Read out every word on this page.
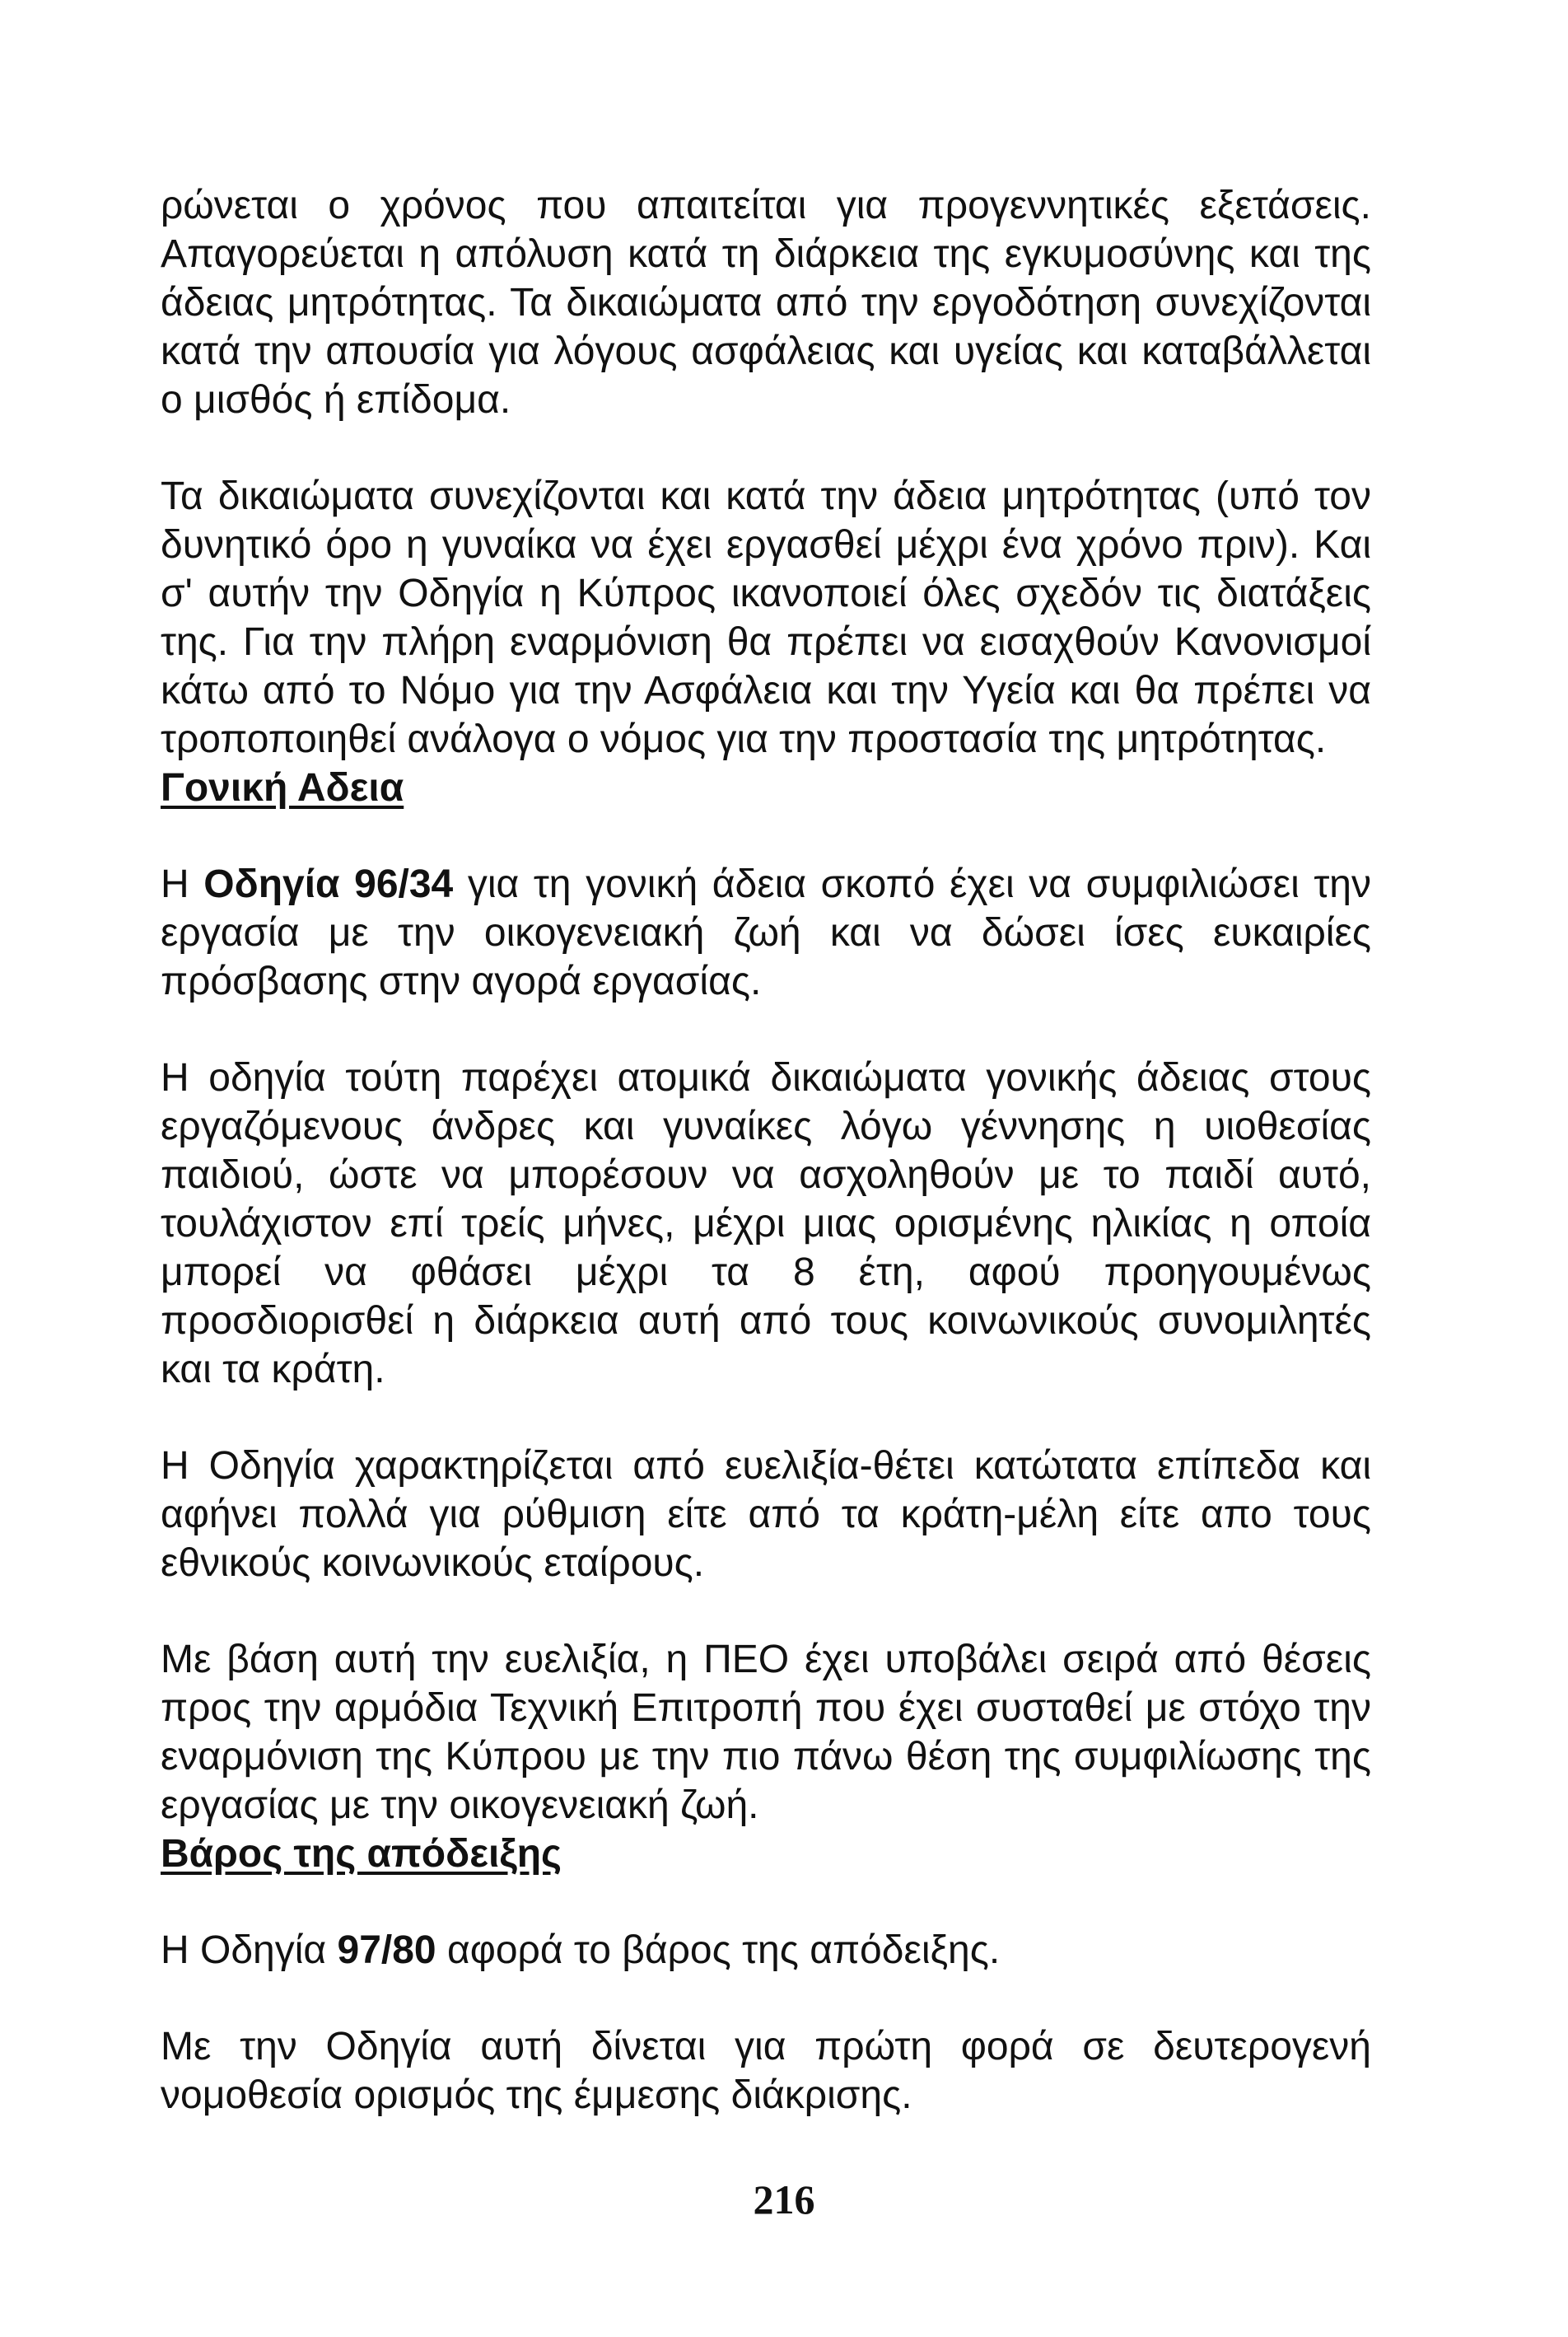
ρώνεται ο χρόνος που απαιτείται για προγεννητικές εξετάσεις. Απαγορεύεται η απόλυση κατά τη διάρκεια της εγκυμοσύνης και της άδειας μητρότητας. Τα δικαιώματα από την εργοδότηση συνεχίζονται κατά την απουσία για λόγους ασφάλειας και υγείας και καταβάλλεται ο μισθός ή επίδομα.

Τα δικαιώματα συνεχίζονται και κατά την άδεια μητρότητας (υπό τον δυνητικό όρο η γυναίκα να έχει εργασθεί μέχρι ένα χρόνο πριν). Και σ' αυτήν την Οδηγία η Κύπρος ικανοποιεί όλες σχεδόν τις διατάξεις της. Για την πλήρη εναρμόνιση θα πρέπει να εισαχθούν Κανονισμοί κάτω από το Νόμο για την Ασφάλεια και την Υγεία και θα πρέπει να τροποποιηθεί ανάλογα ο νόμος για την προστασία της μητρότητας.

Γονική Αδεια

Η Οδηγία 96/34 για τη γονική άδεια σκοπό έχει να συμφιλιώσει την εργασία με την οικογενειακή ζωή και να δώσει ίσες ευκαιρίες πρόσβασης στην αγορά εργασίας.

Η οδηγία τούτη παρέχει ατομικά δικαιώματα γονικής άδειας στους εργαζόμενους άνδρες και γυναίκες λόγω γέννησης η υιοθεσίας παιδιού, ώστε να μπορέσουν να ασχοληθούν με το παιδί αυτό, τουλάχιστον επί τρείς μήνες, μέχρι μιας ορισμένης ηλικίας η οποία μπορεί να φθάσει μέχρι τα 8 έτη, αφού προηγουμένως προσδιορισθεί η διάρκεια αυτή από τους κοινωνικούς συνομιλητές και τα κράτη.

Η Οδηγία χαρακτηρίζεται από ευελιξία-θέτει κατώτατα επίπεδα και αφήνει πολλά για ρύθμιση είτε από τα κράτη-μέλη είτε απο τους εθνικούς κοινωνικούς εταίρους.

Με βάση αυτή την ευελιξία, η ΠΕΟ έχει υποβάλει σειρά από θέσεις προς την αρμόδια Τεχνική Επιτροπή που έχει συσταθεί με στόχο την εναρμόνιση της Κύπρου με την πιο πάνω θέση της συμφιλίωσης της εργασίας με την οικογενειακή ζωή.

Βάρος της απόδειξης

Η Οδηγία 97/80 αφορά το βάρος της απόδειξης.

Με την Οδηγία αυτή δίνεται για πρώτη φορά σε δευτερογενή νομοθεσία ορισμός της έμμεσης διάκρισης.

216
